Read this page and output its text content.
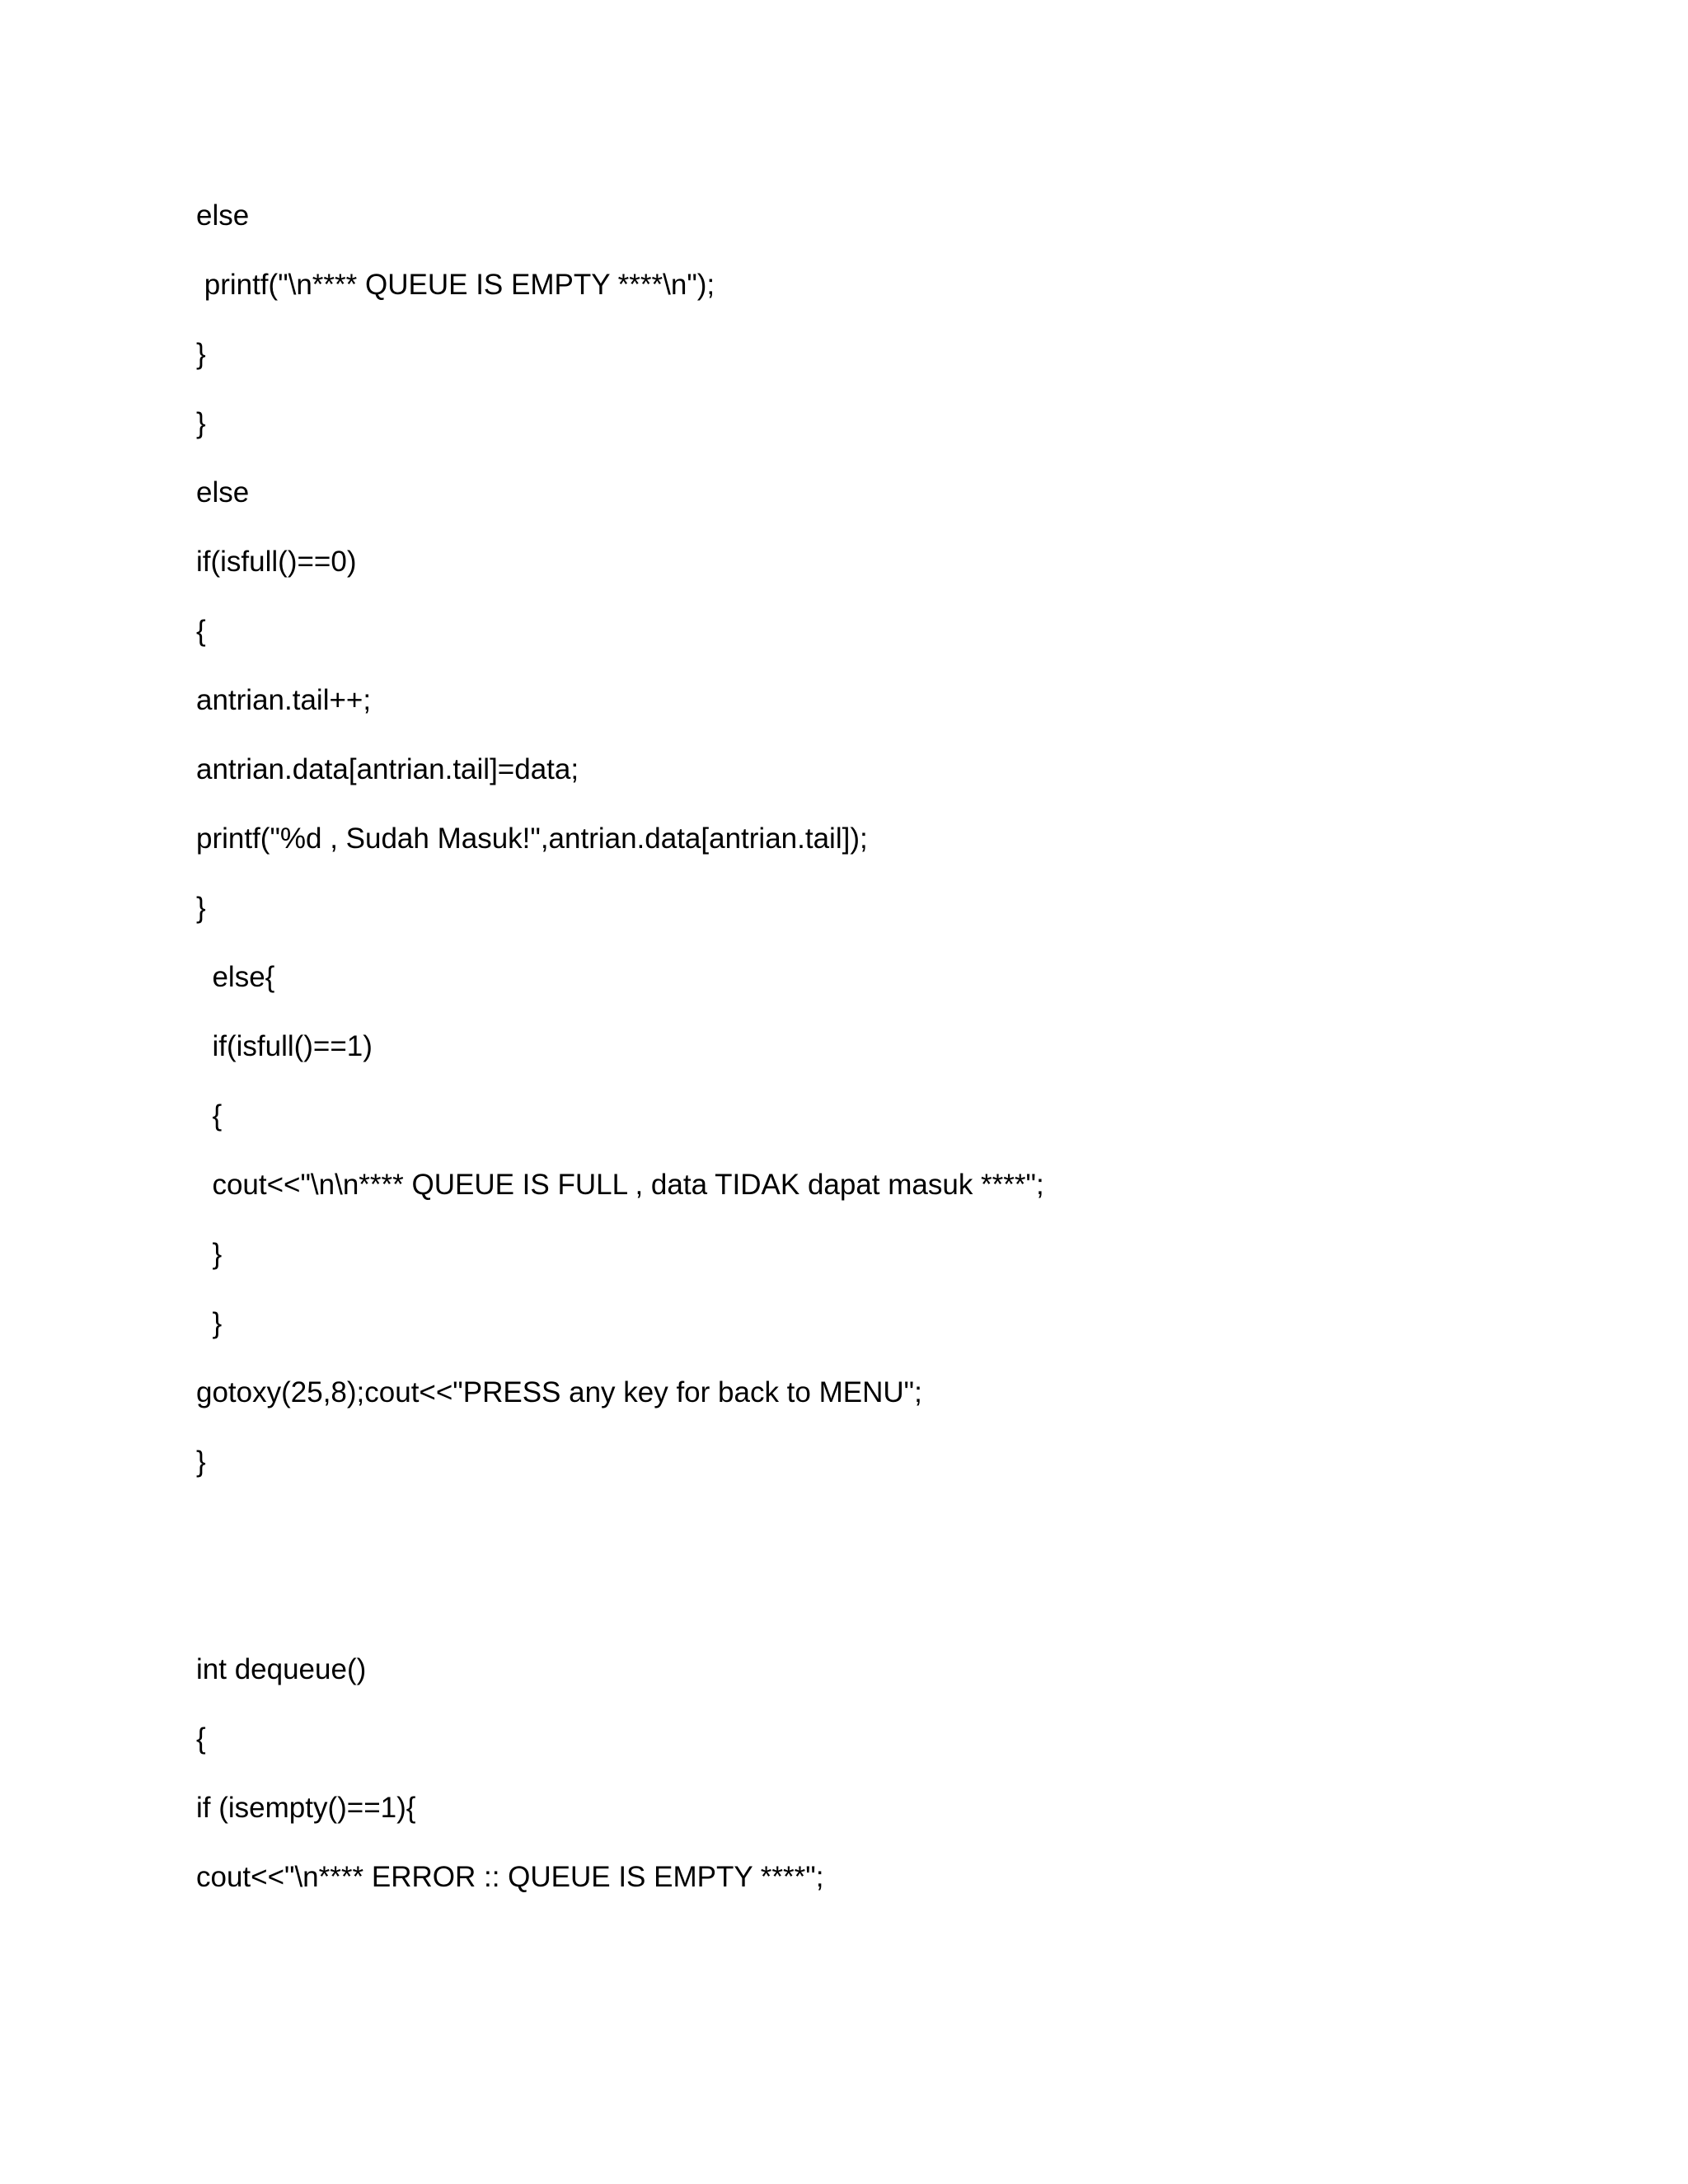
else
printf("\n**** QUEUE IS EMPTY ****\n");
}
}
else
if(isfull()==0)
{
antrian.tail++;
antrian.data[antrian.tail]=data;
printf("%d , Sudah Masuk!",antrian.data[antrian.tail]);
}
else{
if(isfull()==1)
{
cout<<"\n\n**** QUEUE IS FULL , data TIDAK dapat masuk ****";
}
}
gotoxy(25,8);cout<<"PRESS any key for back to MENU";
}
int dequeue()
{
if (isempty()==1){
cout<<"\n**** ERROR :: QUEUE IS EMPTY ****";
